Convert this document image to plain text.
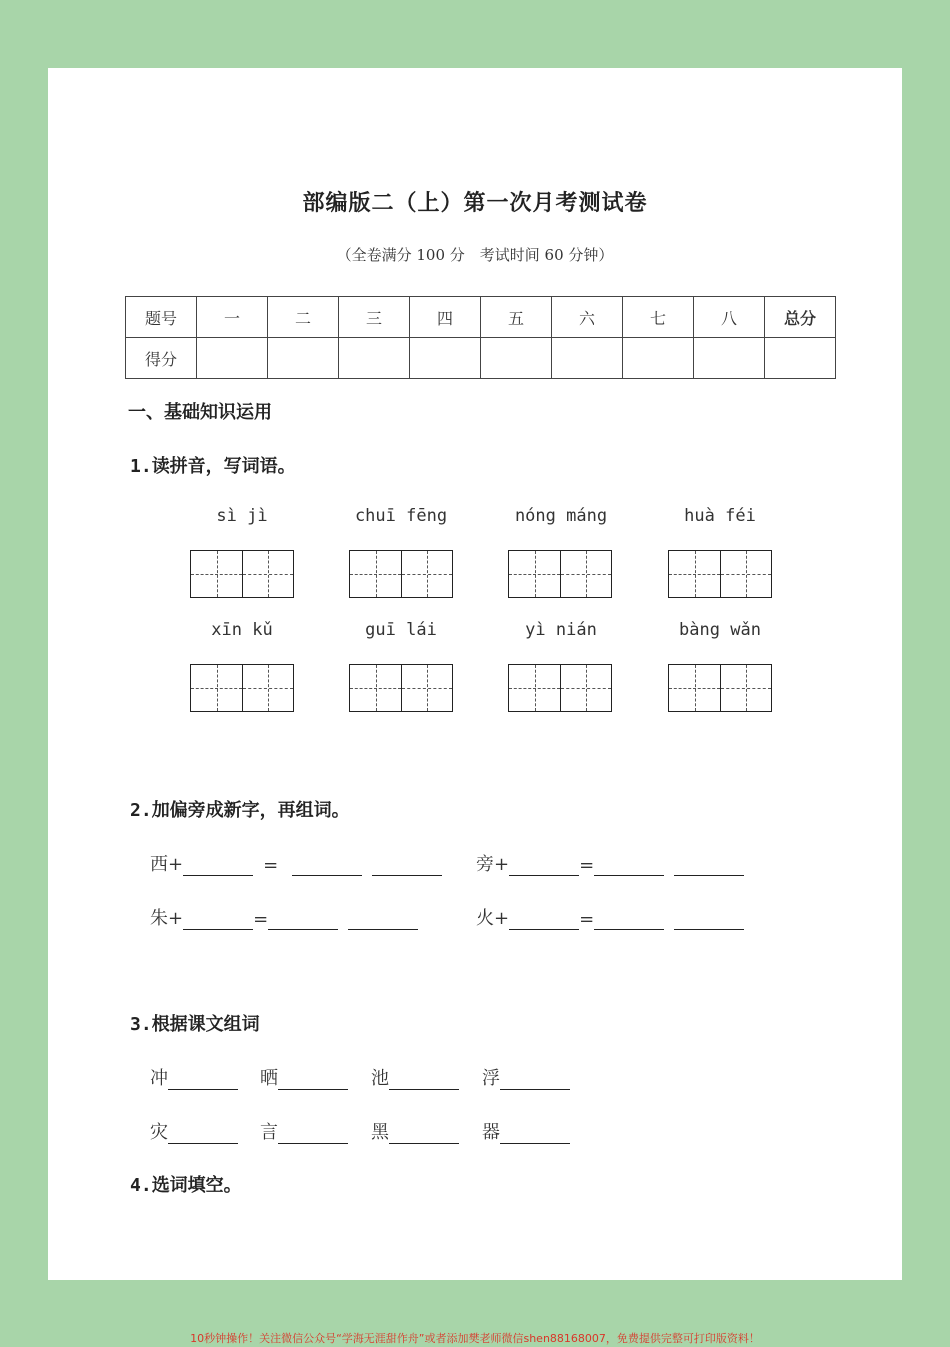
部编版二（上）第一次月考测试卷
（全卷满分 100 分　考试时间 60 分钟）
题号	一	二	三	四	五	六	七	八	总分
得分									
一、基础知识运用
1.读拼音，写词语。
sì jì	chuī fēng	nóng máng	huà féi
xīn kǔ	guī lái	yì nián	bàng wǎn
2.加偏旁成新字，再组词。
西+	=	旁+	=
朱+	=	火+	=
3.根据课文组词
冲	晒	池	浮
灾	言	黑	器
4.选词填空。
10秒钟操作！关注微信公众号“学海无涯甜作舟”或者添加樊老师微信shen88168007，免费提供完整可打印版资料！
